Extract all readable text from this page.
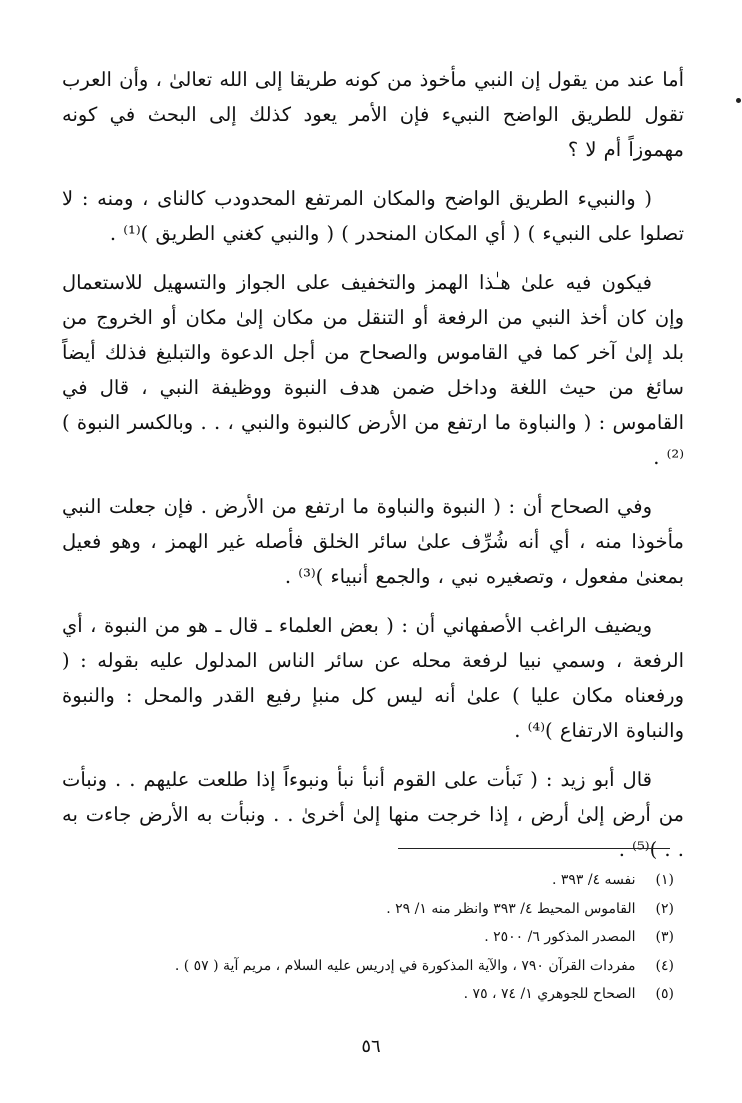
أما عند من يقول إن النبي مأخوذ من كونه طريقا إلى الله تعالىٰ ، وأن العرب تقول للطريق الواضح النبيء فإن الأمر يعود كذلك إلى البحث في كونه مهموزاً أم لا ؟

( والنبيء الطريق الواضح والمكان المرتفع المحدودب كالناى ، ومنه : لا تصلوا على النبيء ) ( أي المكان المنحدر ) ( والنبي كغني الطريق )⁽¹⁾ .

فيكون فيه علىٰ هـٰذا الهمز والتخفيف على الجواز والتسهيل للاستعمال وإن كان أخذ النبي من الرفعة أو التنقل من مكان إلىٰ مكان أو الخروج من بلد إلىٰ آخر كما في القاموس والصحاح من أجل الدعوة والتبليغ فذلك أيضاً سائغ من حيث اللغة وداخل ضمن هدف النبوة ووظيفة النبي ، قال في القاموس : ( والنباوة ما ارتفع من الأرض كالنبوة والنبي ، . . وبالكسر النبوة )⁽²⁾ .

وفي الصحاح أن : ( النبوة والنباوة ما ارتفع من الأرض . فإن جعلت النبي مأخوذا منه ، أي أنه شُرِّف علىٰ سائر الخلق فأصله غير الهمز ، وهو فعيل بمعنىٰ مفعول ، وتصغيره نبي ، والجمع أنبياء )⁽³⁾ .

ويضيف الراغب الأصفهاني أن : ( بعض العلماء ـ قال ـ هو من النبوة ، أي الرفعة ، وسمي نبيا لرفعة محله عن سائر الناس المدلول عليه بقوله : ( ورفعناه مكان عليا ) علىٰ أنه ليس كل منبإ رفيع القدر والمحل : والنبوة والنباوة الارتفاع )⁽⁴⁾ .

قال أبو زيد : ( نَبأت على القوم أنبأ نبأ ونبوءاً إذا طلعت عليهم . . ونبأت من أرض إلىٰ أرض ، إذا خرجت منها إلىٰ أخرىٰ . . ونبأت به الأرض جاءت به . . )⁽⁵⁾ .

(١) نفسه ٤/ ٣٩٣ .
(٢) القاموس المحيط ٤/ ٣٩٣ وانظر منه ١/ ٢٩ .
(٣) المصدر المذكور ٦/ ٢٥٠٠ .
(٤) مفردات القرآن ٧٩٠ ، والآية المذكورة في إدريس عليه السلام ، مريم آية ( ٥٧ ) .
(٥) الصحاح للجوهري ١/ ٧٤ ، ٧٥ .
٥٦
